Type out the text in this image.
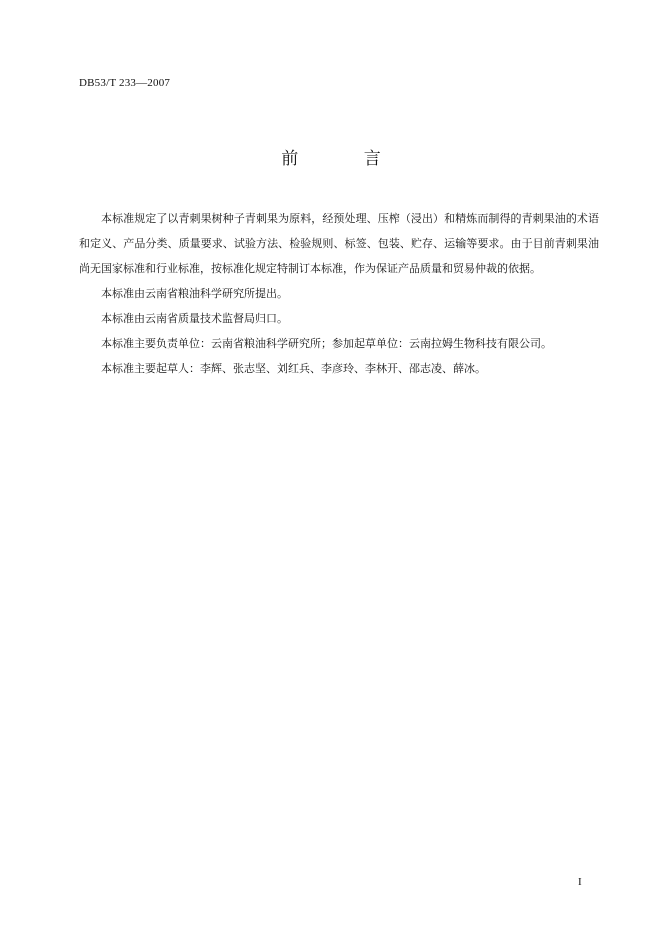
DB53/T 233—2007
前 言

本标准规定了以青刺果树种子青刺果为原料，经预处理、压榨（浸出）和精炼而制得的青刺果油的术语和定义、产品分类、质量要求、试验方法、检验规则、标签、包装、贮存、运输等要求。由于目前青刺果油尚无国家标准和行业标准，按标准化规定特制订本标准，作为保证产品质量和贸易仲裁的依据。

本标准由云南省粮油科学研究所提出。

本标准由云南省质量技术监督局归口。

本标准主要负责单位：云南省粮油科学研究所；参加起草单位：云南拉姆生物科技有限公司。

本标准主要起草人：李辉、张志坚、刘红兵、李彦玲、李林开、邵志凌、薛冰。

I
